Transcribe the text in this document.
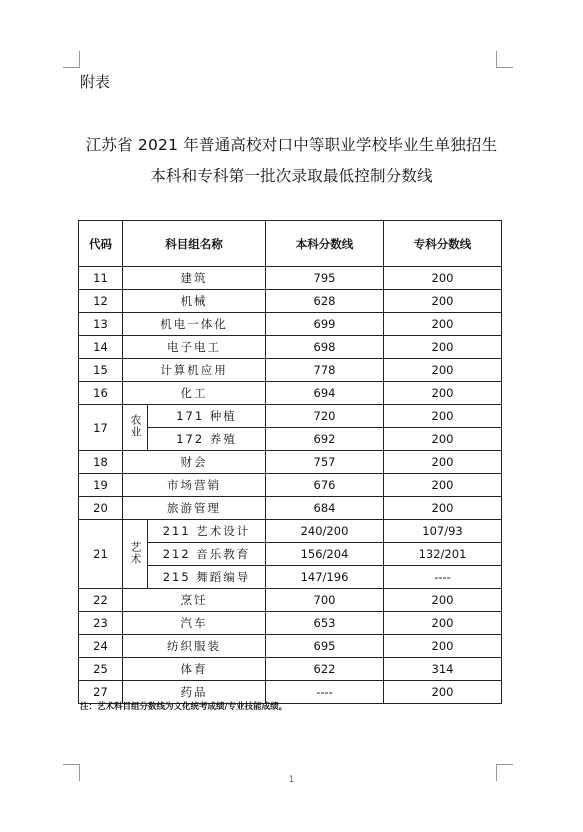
附表
江苏省 2021 年普通高校对口中等职业学校毕业生单独招生
本科和专科第一批次录取最低控制分数线
代码	科目组名称		本科分数线	专科分数线
11	建筑		795	200
12	机械		628	200
13	机电一体化		699	200
14	电子电工		698	200
15	计算机应用		778	200
16	化工		694	200
17	农业	171 种植	720	200
		172 养殖	692	200
18	财会		757	200
19	市场营销		676	200
20	旅游管理		684	200
21	艺术	211 艺术设计	240/200	107/93
		212 音乐教育	156/204	132/201
		215 舞蹈编导	147/196	----
22	烹饪		700	200
23	汽车		653	200
24	纺织服装		695	200
25	体育		622	314
27	药品		----	200
注：艺术科目组分数线为文化统考成绩/专业技能成绩。
1
